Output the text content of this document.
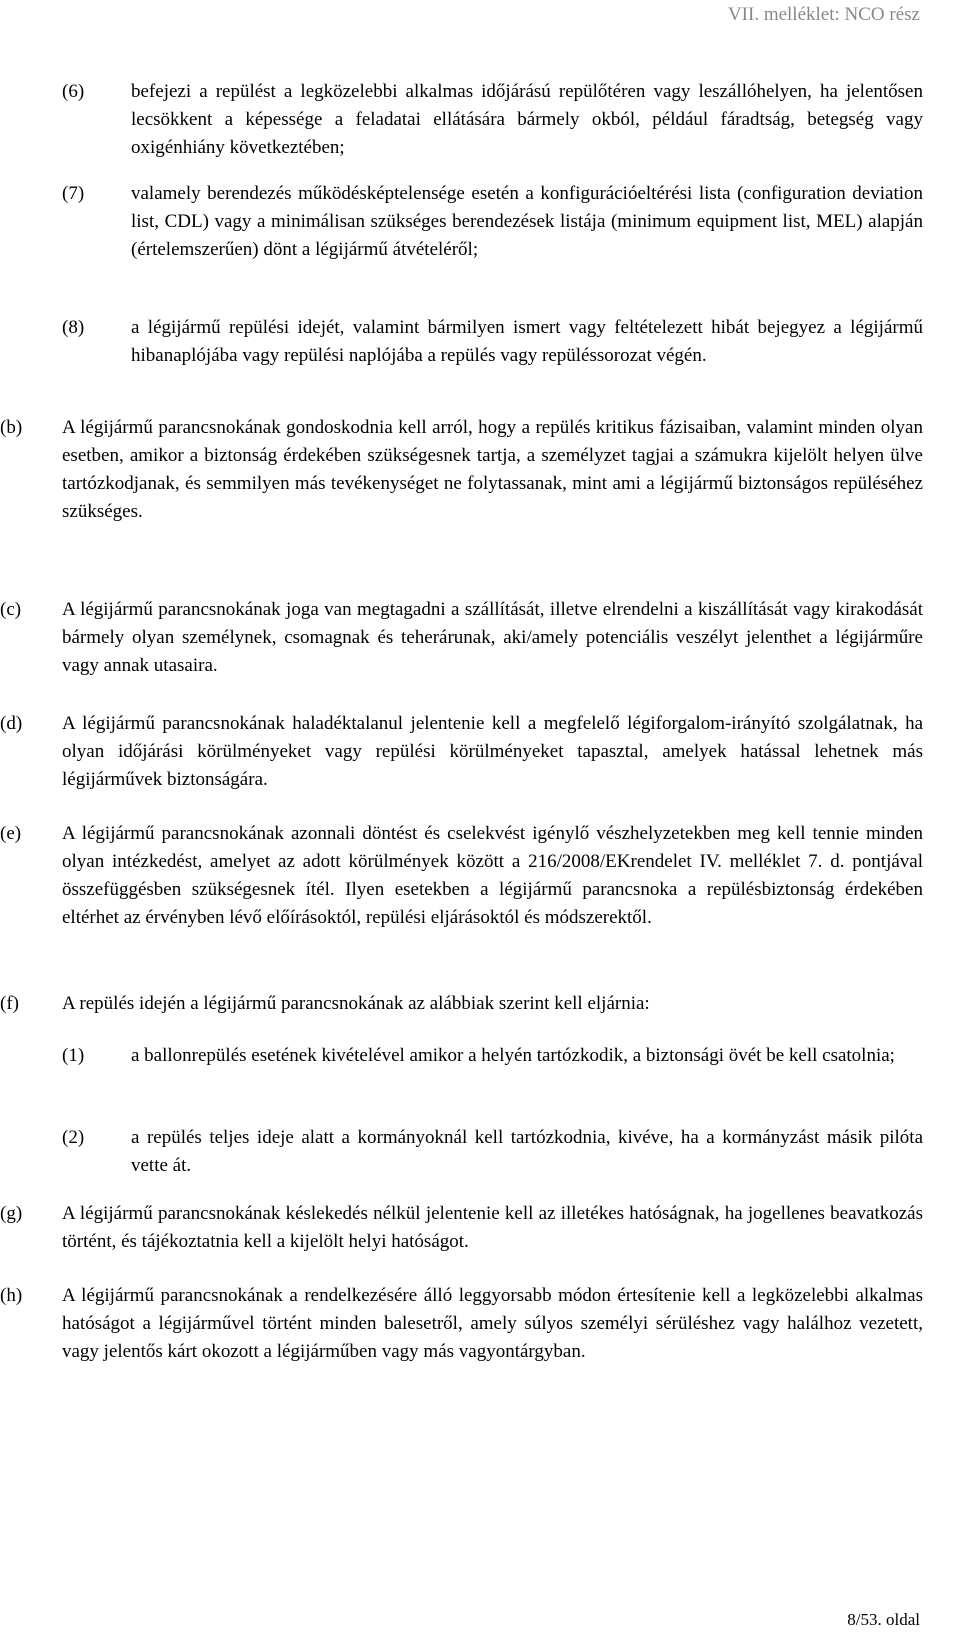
VII. melléklet: NCO rész
(6) befejezi a repülést a legközelebbi alkalmas időjárású repülőtéren vagy leszállóhelyen, ha jelentősen lecsökkent a képessége a feladatai ellátására bármely okból, például fáradtság, betegség vagy oxigénhiány következtében;
(7) valamely berendezés működésképtelensége esetén a konfigurációeltérési lista (configuration deviation list, CDL) vagy a minimálisan szükséges berendezések listája (minimum equipment list, MEL) alapján (értelemszerűen) dönt a légijármű átvételéről;
(8) a légijármű repülési idejét, valamint bármilyen ismert vagy feltételezett hibát bejegyez a légijármű hibanaplójába vagy repülési naplójába a repülés vagy repüléssorozat végén.
(b) A légijármű parancsnokának gondoskodnia kell arról, hogy a repülés kritikus fázisaiban, valamint minden olyan esetben, amikor a biztonság érdekében szükségesnek tartja, a személyzet tagjai a számukra kijelölt helyen ülve tartózkodjanak, és semmilyen más tevékenységet ne folytassanak, mint ami a légijármű biztonságos repüléséhez szükséges.
(c) A légijármű parancsnokának joga van megtagadni a szállítását, illetve elrendelni a kiszállítását vagy kirakodását bármely olyan személynek, csomagnak és teherárunak, aki/amely potenciális veszélyt jelenthet a légijárműre vagy annak utasaira.
(d) A légijármű parancsnokának haladéktalanul jelentenie kell a megfelelő légiforgalom-irányító szolgálatnak, ha olyan időjárási körülményeket vagy repülési körülményeket tapasztal, amelyek hatással lehetnek más légijárművek biztonságára.
(e) A légijármű parancsnokának azonnali döntést és cselekvést igénylő vészhelyzetekben meg kell tennie minden olyan intézkedést, amelyet az adott körülmények között a 216/2008/EKrendelet IV. melléklet 7. d. pontjával összefüggésben szükségesnek ítél. Ilyen esetekben a légijármű parancsnoka a repülésbiztonság érdekében eltérhet az érvényben lévő előírásoktól, repülési eljárásoktól és módszerektől.
(f) A repülés idején a légijármű parancsnokának az alábbiak szerint kell eljárnia:
(1) a ballonrepülés esetének kivételével amikor a helyén tartózkodik, a biztonsági övét be kell csatolnia;
(2) a repülés teljes ideje alatt a kormányoknál kell tartózkodnia, kivéve, ha a kormányzást másik pilóta vette át.
(g) A légijármű parancsnokának késlekedés nélkül jelentenie kell az illetékes hatóságnak, ha jogellenes beavatkozás történt, és tájékoztatnia kell a kijelölt helyi hatóságot.
(h) A légijármű parancsnokának a rendelkezésére álló leggyorsabb módon értesítenie kell a legközelebbi alkalmas hatóságot a légijárművel történt minden balesetről, amely súlyos személyi sérüléshez vagy halálhoz vezetett, vagy jelentős kárt okozott a légijárműben vagy más vagyontárgyban.
8/53. oldal
